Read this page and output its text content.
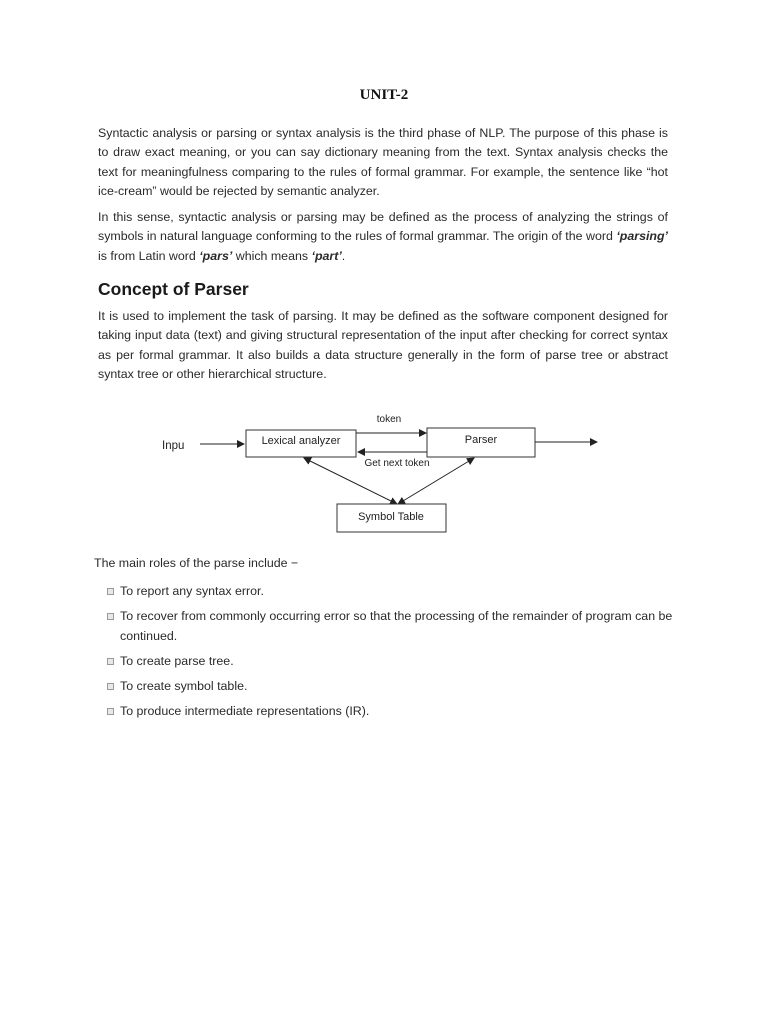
UNIT-2

Syntactic analysis or parsing or syntax analysis is the third phase of NLP. The purpose of this phase is to draw exact meaning, or you can say dictionary meaning from the text. Syntax analysis checks the text for meaningfulness comparing to the rules of formal grammar. For example, the sentence like “hot ice-cream” would be rejected by semantic analyzer.

In this sense, syntactic analysis or parsing may be defined as the process of analyzing the strings of symbols in natural language conforming to the rules of formal grammar. The origin of the word ‘parsing’ is from Latin word ‘pars’ which means ‘part’.

Concept of Parser

It is used to implement the task of parsing. It may be defined as the software component designed for taking input data (text) and giving structural representation of the input after checking for correct syntax as per formal grammar. It also builds a data structure generally in the form of parse tree or abstract syntax tree or other hierarchical structure.

Inpu	Lexical analyzer	Parser
token
Get next token
Symbol Table
The main roles of the parse include −
To report any syntax error.
To recover from commonly occurring error so that the processing of the remainder of program can be continued.
To create parse tree.
To create symbol table.
To produce intermediate representations (IR).
